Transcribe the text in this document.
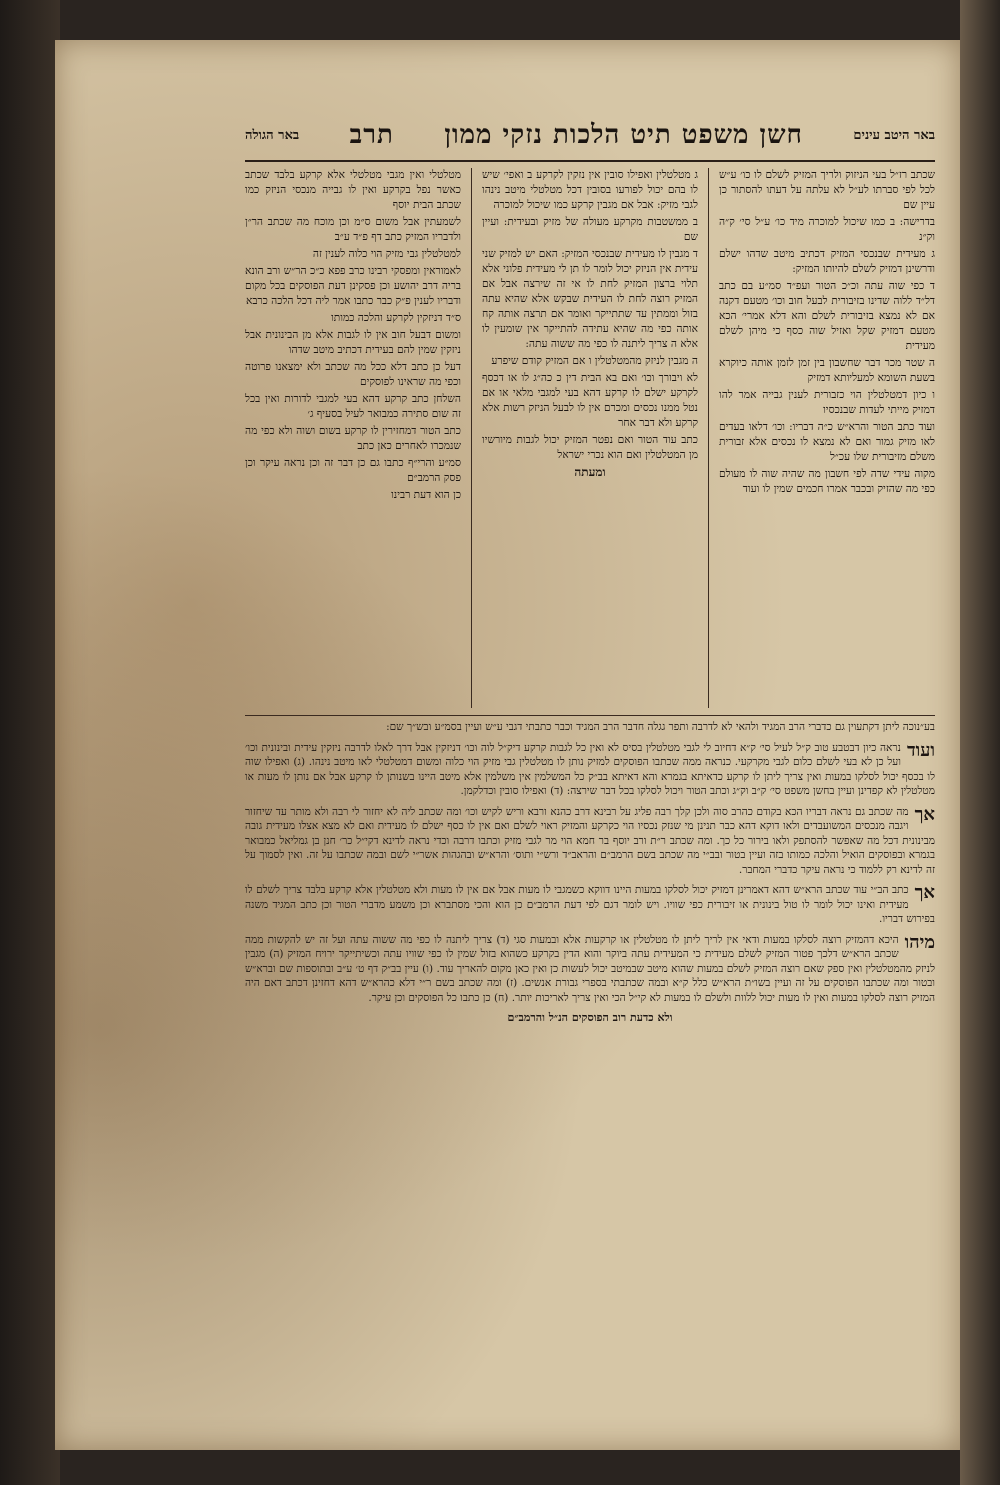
באר היטב עינים
חשן משפט תיט הלכות נזקי ממון
תרב
באר הגולה

שכתב רז״ל בעי הניזוק ולריך המזיק לשלם לו כו׳ ע״ש לכל לפי סברתו לע״ל לא עלתה על דעתו להסתור כן עיין שם

בדרישה: ב כמו שיכול למוכרה מיד כו׳ ע״ל סי׳ ק״ה וק״נ

ג מעידית שבנכסי המזיק דכתיב מיטב שדהו ישלם ודרשינן דמזיק לשלם להיותו המזיק:

ד כפי שוה עתה וכ״כ הטור ועפ״ד סמ״ע בם כתב דל״ד ללוה שדינו בזיבורית לבעל חוב וכו׳ מטעם דקנה אם לא נמצא בזיבורית לשלם והא דלא אמרי׳ הכא מטעם דמזיק שקל ואזיל שוה כסף כי מיהן לשלם מעידית

ה שטר מכר דבר שחשבון בין זמן לזמן אותה כיוקרא בשעת השומא למעליותא דמזיק

ו כיון דמטלטלין הוי כזבורית לענין גבייה אמר להו דמזיק מייתי לעדות שבנכסיו

ועוד כתב הטור והרא״ש כ״ה דבריו: וכו׳ דלאו בעדים לאו מזיק גמור ואם לא נמצא לו נכסים אלא זבורית משלם מזיבורית שלו עכ״ל

מקוה עידי שדה לפי חשבון מה שהיה שוה לו מעולם כפי מה שהזיק ובכבר אמרו חכמים שמין לו ועוד

ג מטלטלין ואפילו סובין אין נזקין לקרקע ב ואפי׳ שיש לו בהם יכול לפורעו בסובין דכל מטלטלי מיטב נינהו לגבי מזיק: אבל אם מגבין קרקע כמו שיכול למוכרה

ב ממשטבות מקרקע מעולה של מזיק ובעידית: ועיין שם

ד מגבין לו מעידית שבנכסי המזיק: האם יש למזיק שני עידית אין הניזק יכול לומר לו תן לי מעידית פלוני אלא תלוי ברצון המזיק לחת לו אי זה שירצה אבל אם המזיק רוצה לחת לו העידית שבקש אלא שהיא עתה בזול וממתין עד שתתייקר ואומר אם תרצה אותה קח אותה כפי מה שהיא עתידה להתייקר אין שומעין לו אלא ה צריך ליתנה לו כפי מה ששוה עתה:

ה מגבין לניזק מהמטלטלין ו אם המזיק קודם שיפרע

לא ויבורך וכו׳ ואם בא הבית דין כ כה״ג לו או דכסף לקרקע ישלם לו קרקע דהא בעי למגבי מלאי או אם נטל ממנו נכסים ומכרם אין לו לבעל הניזק רשות אלא קרקע ולא דבר אחר

כתב עוד הטור ואם נפטר המזיק יכול לגבות מיורשיו מן המטלטלין ואם הוא נכרי ישראל

ומעתה

מטלטלי ואין מגבי מטלטלי אלא קרקע בלבד שכתב כאשר נפל בקרקע ואין לו גבייה מנכסי הניזק כמו שכתב הבית יוסף

לשמעתין אבל משום ס״מ וכן מוכח מה שכתב הר״ן ולדבריו המזיק כתב דף פ״ד ע״ב

למטלטלין גבי מזיק הוי כלוה לענין זה

לאמוראין ומפסקי רבינו כרב פפא כ״כ הר״ש ורב הונא בריה דרב יהושע וכן פסקינן דעת הפוסקים בכל מקום ודבריו לענין פ״ק כבר כתבו אמר ליה דכל הלכה כרבא

ס״ד דניזקין לקרקע והלכה כמותו

ומשום דבעל חוב אין לו לגבות אלא מן הבינונית אבל ניזקין שמין להם בעידית דכתיב מיטב שדהו

דעל כן כתב דלא ככל מה שכתב ולא ימצאנו פרוטה וכפי מה שראינו לפוסקים

השלחן כתב קרקע דהא בעי למגבי לדורות ואין בכל זה שום סתירה כמבואר לעיל בסעיף ג׳

כתב הטור דמחזירין לו קרקע בשום ושוה ולא כפי מה שנמכרו לאחרים כאן כתב

סמ״ע והרי״ף כתבו גם כן דבר זה וכן נראה עיקר וכן פסק הרמב״ם

כן הוא דעת רבינו

בע״נוכה ליתן דקתעוין גם כדברי הרב המגיד ולהאי לא לדרבה ותפר גגלה חדבר הרב המגיד וכבר כתבתי דגבי ע״ש ועיין בסמ״ע ובש״ך שם:

ועוד
נראה כיון דבטבע טוב ק״ל לעיל סי׳ ק״א דחיוב לי לגבי מטלטלין בסיס לא ואין כל לגבות קרקע דיק״ל לוה וכו׳ דניזקין אבל דרך לאלו לדרבה ניזקין עידית ובינונית וכו׳ ועל כן לא בעי לשלם כלום לגבי מקרקעי. כנראה ממה שכתבו הפוסקים למזיק נותן לו מטלטלין גבי מזיק הוי כלוה ומשום דמטלטלי לאו מיטב נינהו. (ג) ואפילו שוה לו בכסף יכול לסלקו במעות ואין צריך ליתן לו קרקע כדאיתא בגמרא והא דאיתא בב״ק כל המשלמין אין משלמין אלא מיטב היינו בשנותן לו קרקע אבל אם נותן לו מעות או מטלטלין לא קפדינן ועיין בחשן משפט סי׳ ק״ב וק״ג וכתב הטור ויכול לסלקו בכל דבר שירצה: (ד) ואפילו סובין וכדלקמן.

אך
מה שכתב גם נראה דבריו הכא בקודם כהרב סוה ולכן קלך רבה פליג על רבינא דרב כהנא ורבא וריש לקיש וכו׳ ומה שכתב ליה לא יחזור לי רבה ולא מותר עד שיחזור ויגבה מנכסים המשועבדים ולאו דוקא דהא כבר תנינן מי שנזק נכסיו הוי כקרקע והמזיק ראוי לשלם ואם אין לו כסף ישלם לו מעידית ואם לא מצא אצלו מעידית גובה מבינונית דכל מה שאפשר להסתפק ולאו בירור כל כך. ומה שכתב ר״ת ורב יוסף בר חמא הוי מר לגבי מזיק וכתבו דרבה וכדי נראה לדינא דקי״ל כר׳ חנן בן גמליאל כמבואר בגמרא ובפוסקים הואיל והלכה כמותו בזה ועיין בטור ובב״י מה שכתב בשם הרמב״ם והראב״ד ורש״י ותוס׳ והרא״ש ובהגהות אשר״י לשם ובמה שכתבו על זה. ואין לסמוך על זה לדינא רק ללמוד כי נראה עיקר כדברי המחבר.

אך
כתב הב״י עוד שכתב הרא״ש דהא דאמרינן דמזיק יכול לסלקו במעות היינו דווקא כשמגבי לו מעות אבל אם אין לו מעות ולא מטלטלין אלא קרקע בלבד צריך לשלם לו מעידית ואינו יכול לומר לו טול בינונית או זיבורית כפי שוויו. ויש לומר דגם לפי דעת הרמב״ם כן הוא והכי מסתברא וכן משמע מדברי הטור וכן כתב המגיד משנה בפירוש דבריו.

מיהו
היכא דהמזיק רוצה לסלקו במעות ודאי אין לריך ליתן לו מטלטלין או קרקעות אלא ובמעות סגי (ד) צריך ליתנה לו כפי מה ששוה עתה ועל זה יש להקשות ממה שכתב הרא״ש דלכך פטור המזיק לשלם מעידית כי המעידית עתה ביוקר והוא הדין בקרקע כשהוא בזול שמין לו כפי שוויו עתה וכשיתייקר ירויח המזיק (ה) מגבין לניזק מהמטלטלין ואין ספק שאם רוצה המזיק לשלם במעות שהוא מיטב שבמיטב יכול לעשות כן ואין כאן מקום להאריך עוד. (ו) עיין בב״ק דף ט׳ ע״ב ובתוספות שם וברא״ש ובטור ומה שכתבו הפוסקים על זה ועיין בשו״ת הרא״ש כלל ק״א ובמה שכתבתי בספרי גבורת אנשים. (ז) ומה שכתב בשם ר״י דלא כהרא״ש דהא דחזינן דכתב דאם היה המזיק רוצה לסלקו במעות ואין לו מעות יכול ללוות ולשלם לו במעות לא קי״ל הכי ואין צריך לאריכות יותר. (ח) כן כתבו כל הפוסקים וכן עיקר.

ולא כדעת רוב הפוסקים הנ״ל והרמב״ם
